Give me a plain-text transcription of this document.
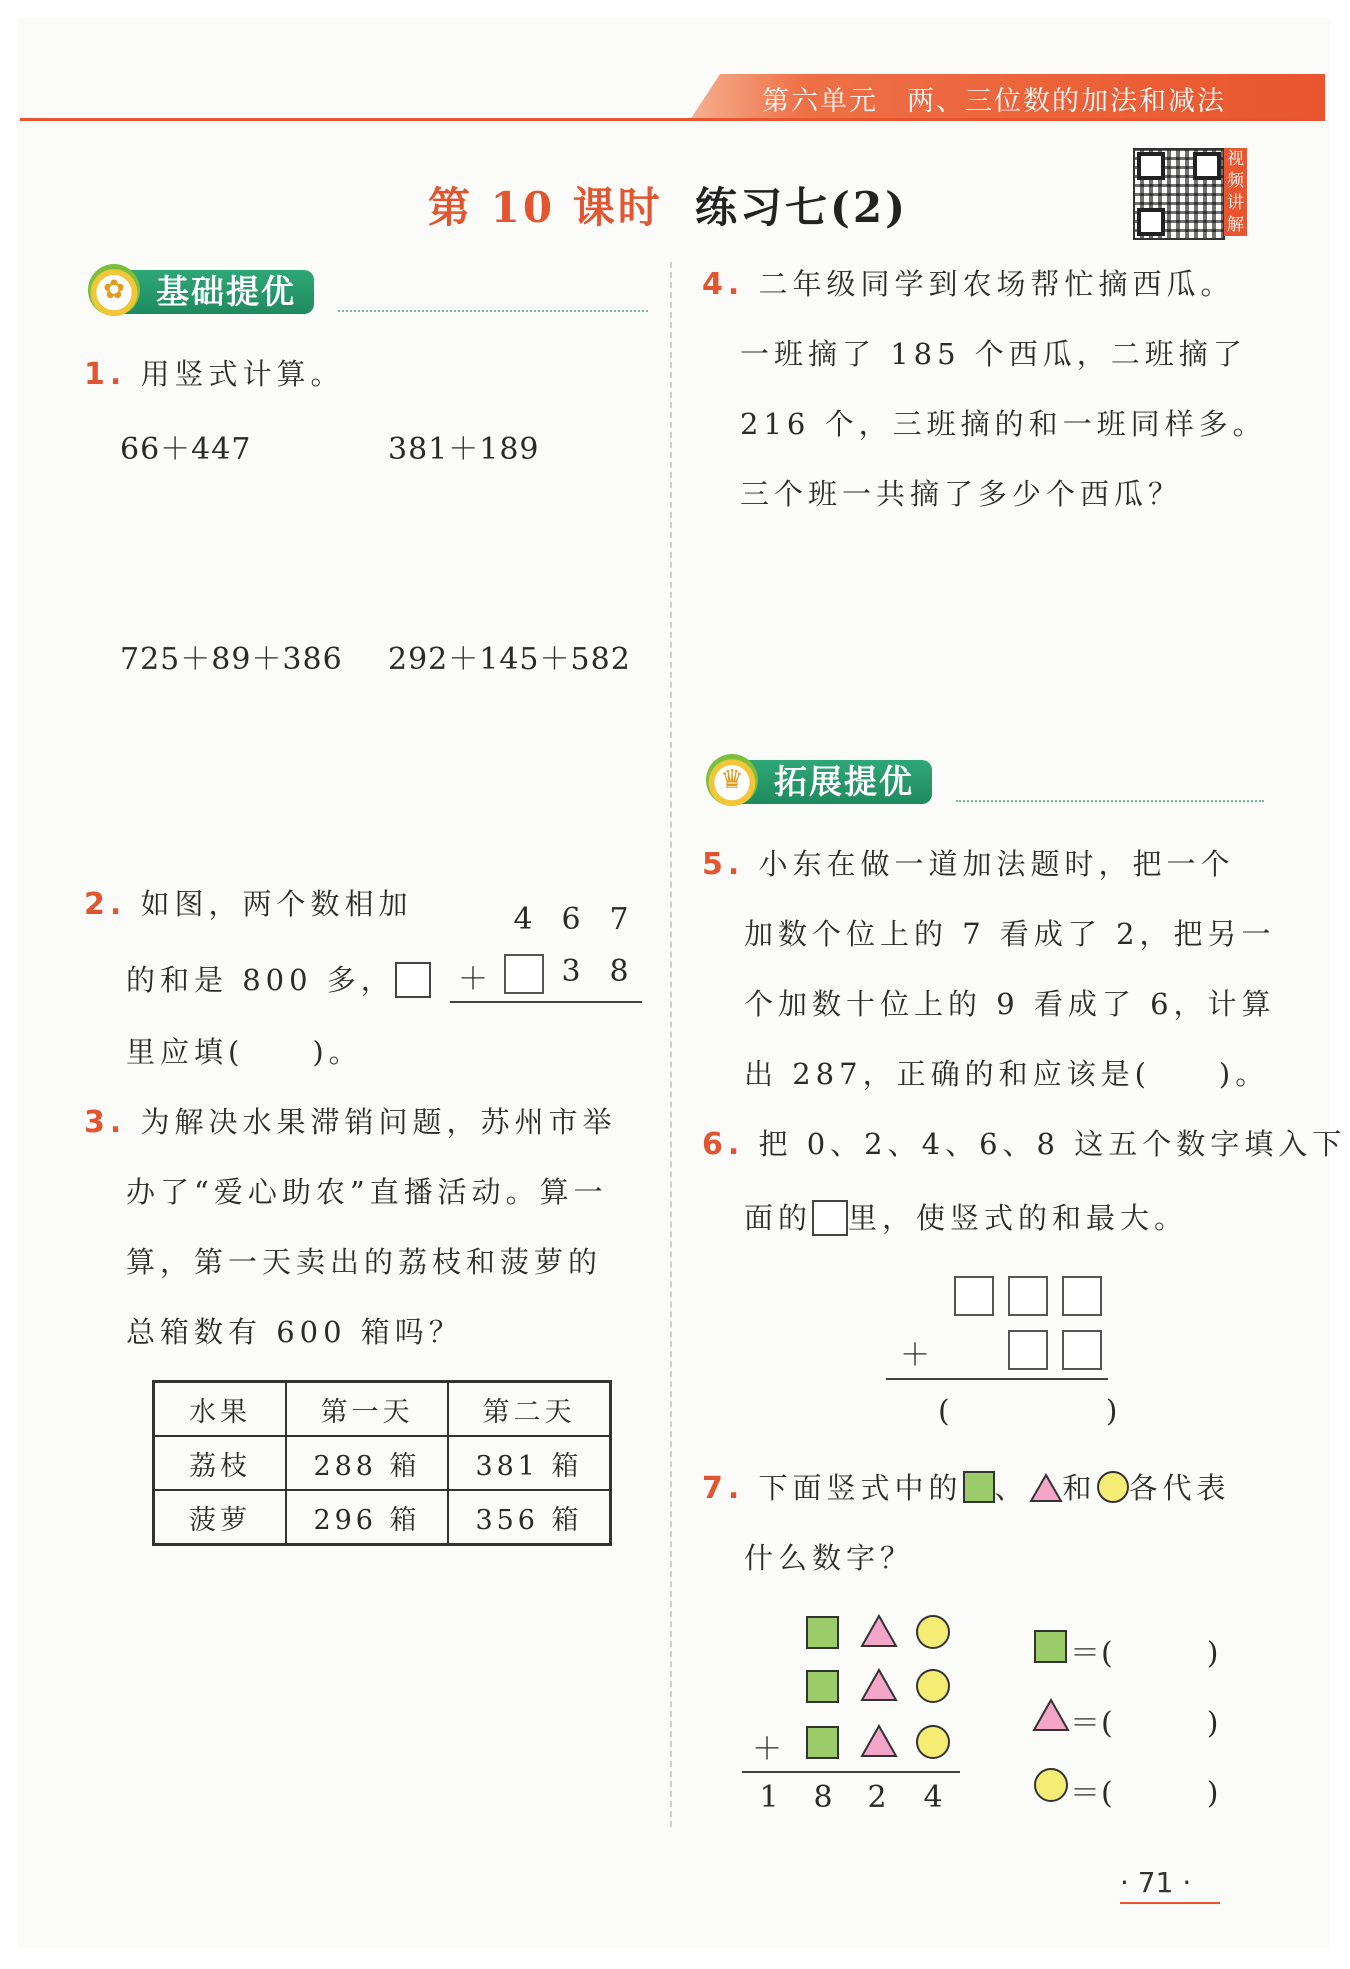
第六单元　两、三位数的加法和减法
第 10 课时 练习七(2)
视频讲解
基础提优
✿
1. 用竖式计算。
66＋447	381＋189
725＋89＋386 292＋145＋582
2. 如图，两个数相加
的和是 800 多，
里应填(　　)。
4 6 7
＋ 3 8
3. 为解决水果滞销问题，苏州市举
办了“爱心助农”直播活动。算一
算，第一天卖出的荔枝和菠萝的
总箱数有 600 箱吗？
水果	第一天	第二天
荔枝	288 箱	381 箱
菠萝	296 箱	356 箱
4. 二年级同学到农场帮忙摘西瓜。
一班摘了 185 个西瓜，二班摘了
216 个，三班摘的和一班同样多。
三个班一共摘了多少个西瓜？
拓展提优
♛
5. 小东在做一道加法题时，把一个
加数个位上的 7 看成了 2，把另一
个加数十位上的 9 看成了 6，计算
出 287，正确的和应该是(　　)。
6. 把 0、2、4、6、8 这五个数字填入下
面的 里，使竖式的和最大。
＋
(　　　　　)
7. 下面竖式中的 、 和 各代表
什么数字？
＋
1 8 2 4
＝(　　　)
＝(　　　)
＝(　　　)
· 71 ·
